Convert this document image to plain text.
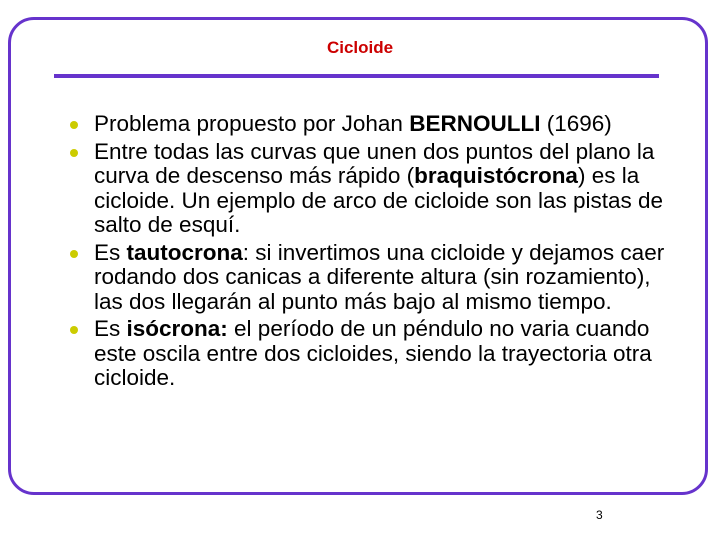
Cicloide
Problema propuesto por Johan BERNOULLI (1696)
Entre todas las curvas que unen dos puntos del plano la curva de descenso más rápido (braquistócrona) es la cicloide. Un ejemplo de arco de cicloide son las pistas de salto de esquí.
Es tautocrona: si invertimos una cicloide y dejamos caer rodando dos canicas a diferente altura (sin rozamiento), las dos llegarán al punto más bajo al mismo tiempo.
Es isócrona: el período de un péndulo no varia cuando este oscila entre dos cicloides, siendo la trayectoria otra cicloide.
3
